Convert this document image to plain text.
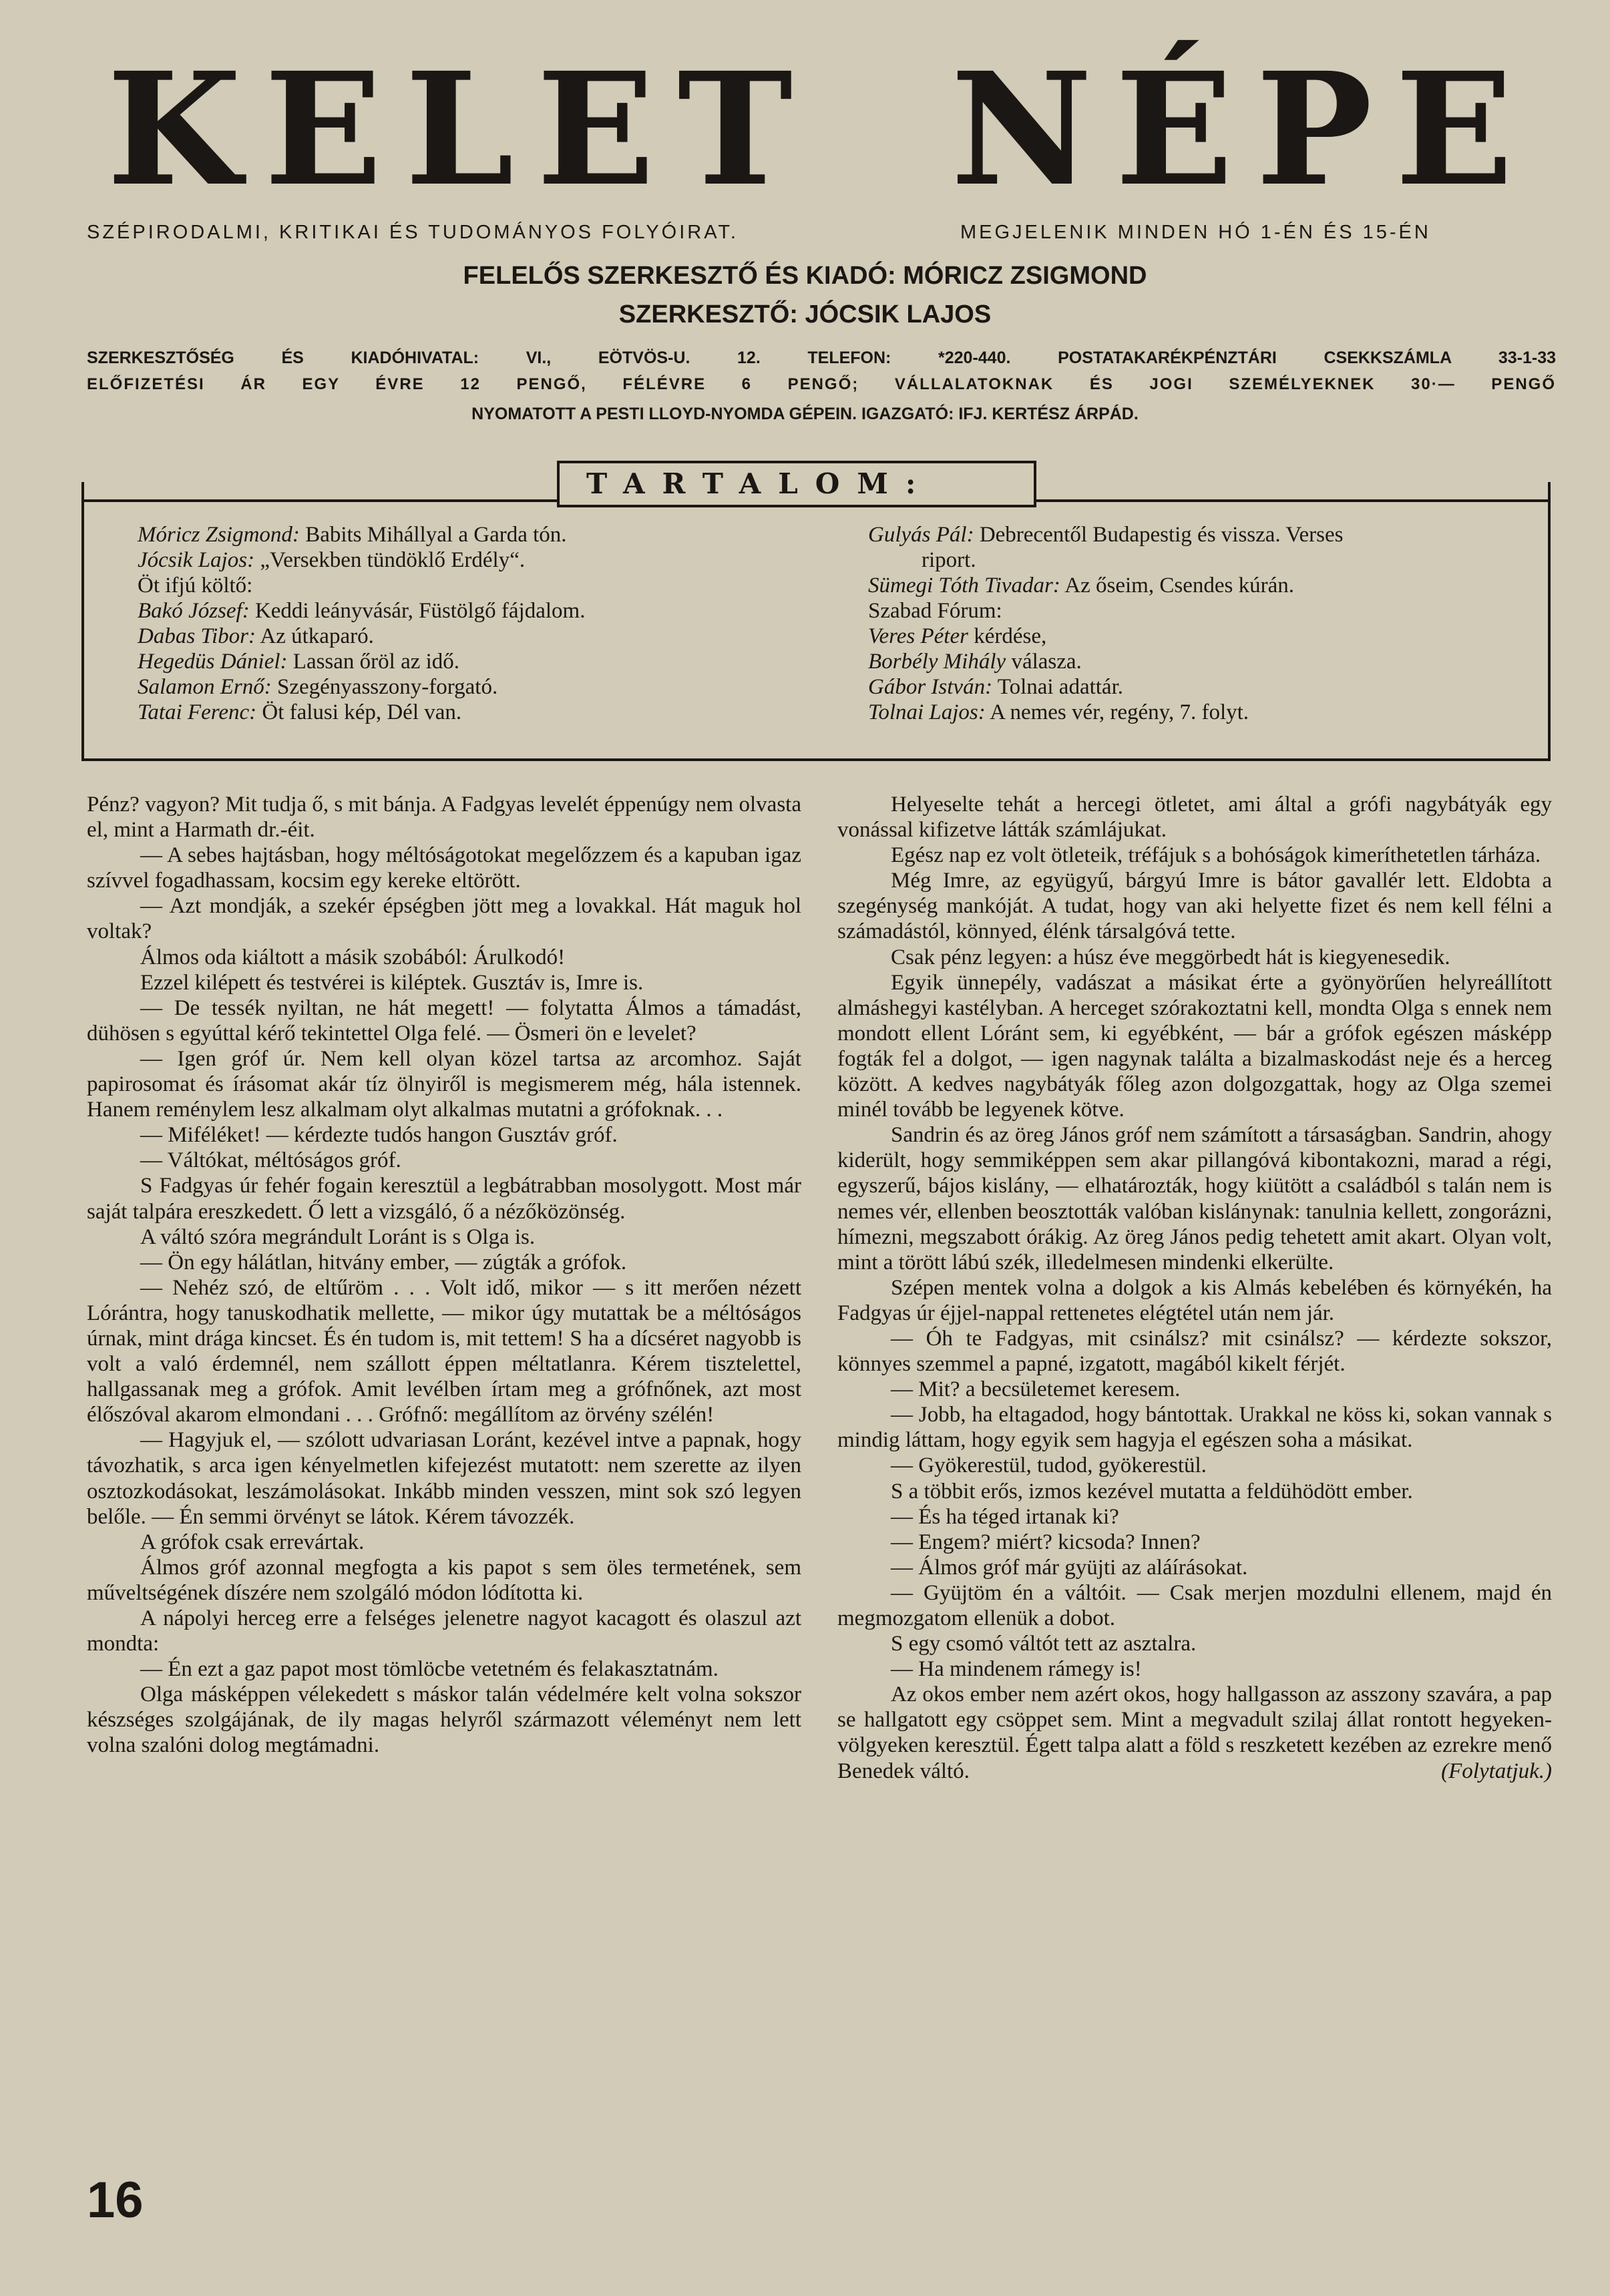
KELET NÉPE
SZÉPIRODALMI, KRITIKAI ÉS TUDOMÁNYOS FOLYÓIRAT.	MEGJELENIK MINDEN HÓ 1-ÉN ÉS 15-ÉN
FELELŐS SZERKESZTŐ ÉS KIADÓ: MÓRICZ ZSIGMOND
SZERKESZTŐ: JÓCSIK LAJOS
SZERKESZTŐSÉG ÉS KIADÓHIVATAL: VI., EÖTVÖS-U. 12. TELEFON: *220-440. POSTATAKARÉKPÉNZTÁRI CSEKKSZÁMLA 33-1-33
ELŐFIZETÉSI ÁR EGY ÉVRE 12 PENGŐ, FÉLÉVRE 6 PENGŐ; VÁLLALATOKNAK ÉS JOGI SZEMÉLYEKNEK 30·— PENGŐ
NYOMATOTT A PESTI LLOYD-NYOMDA GÉPEIN. IGAZGATÓ: IFJ. KERTÉSZ ÁRPÁD.
TARTALOM:
Móricz Zsigmond: Babits Mihállyal a Garda tón.
Jócsik Lajos: „Versekben tündöklő Erdély“.
Öt ifjú költő:
Bakó József: Keddi leányvásár, Füstölgő fájdalom.
Dabas Tibor: Az útkaparó.
Hegedüs Dániel: Lassan őröl az idő.
Salamon Ernő: Szegényasszony-forgató.
Tatai Ferenc: Öt falusi kép, Dél van.
Gulyás Pál: Debrecentől Budapestig és vissza. Verses
riport.
Sümegi Tóth Tivadar: Az őseim, Csendes kúrán.
Szabad Fórum:
Veres Péter kérdése,
Borbély Mihály válasza.
Gábor István: Tolnai adattár.
Tolnai Lajos: A nemes vér, regény, 7. folyt.

Pénz? vagyon? Mit tudja ő, s mit bánja. A Fadgyas levelét éppenúgy nem olvasta el, mint a Harmath dr.-éit.

— A sebes hajtásban, hogy méltóságotokat megelőzzem és a kapuban igaz szívvel fogadhassam, kocsim egy kereke eltörött.

— Azt mondják, a szekér épségben jött meg a lovakkal. Hát maguk hol voltak?

Álmos oda kiáltott a másik szobából: Árulkodó!

Ezzel kilépett és testvérei is kiléptek. Gusztáv is, Imre is.

— De tessék nyiltan, ne hát megett! — folytatta Álmos a támadást, dühösen s egyúttal kérő tekintettel Olga felé. — Ösmeri ön e levelet?

— Igen gróf úr. Nem kell olyan közel tartsa az arcomhoz. Saját papirosomat és írásomat akár tíz ölnyiről is megismerem még, hála istennek. Hanem reménylem lesz alkalmam olyt alkalmas mutatni a grófoknak. . .

— Miféléket! — kérdezte tudós hangon Gusztáv gróf.

— Váltókat, méltóságos gróf.

S Fadgyas úr fehér fogain keresztül a legbátrabban mosolygott. Most már saját talpára ereszkedett. Ő lett a vizsgáló, ő a nézőközönség.

A váltó szóra megrándult Loránt is s Olga is.

— Ön egy hálátlan, hitvány ember, — zúgták a grófok.

— Nehéz szó, de eltűröm . . . Volt idő, mikor — s itt merően nézett Lórántra, hogy tanuskodhatik mellette, — mikor úgy mutattak be a méltóságos úrnak, mint drága kincset. És én tudom is, mit tettem! S ha a dícséret nagyobb is volt a való érdemnél, nem szállott éppen méltatlanra. Kérem tisztelettel, hallgassanak meg a grófok. Amit levélben írtam meg a grófnőnek, azt most élőszóval akarom elmondani . . . Grófnő: megállítom az örvény szélén!

— Hagyjuk el, — szólott udvariasan Loránt, kezével intve a papnak, hogy távozhatik, s arca igen kényelmetlen kifejezést mutatott: nem szerette az ilyen osztozkodásokat, leszámolásokat. Inkább minden vesszen, mint sok szó legyen belőle. — Én semmi örvényt se látok. Kérem távozzék.

A grófok csak errevártak.

Álmos gróf azonnal megfogta a kis papot s sem öles termetének, sem műveltségének díszére nem szolgáló módon lódította ki.

A nápolyi herceg erre a felséges jelenetre nagyot kacagott és olaszul azt mondta:

— Én ezt a gaz papot most tömlöcbe vetetném és felakasztatnám.

Olga másképpen vélekedett s máskor talán védelmére kelt volna sokszor készséges szolgájának, de ily magas helyről származott véleményt nem lett volna szalóni dolog megtámadni.

Helyeselte tehát a hercegi ötletet, ami által a grófi nagybátyák egy vonással kifizetve látták számlájukat.

Egész nap ez volt ötleteik, tréfájuk s a bohóságok kimeríthetetlen tárháza.

Még Imre, az együgyű, bárgyú Imre is bátor gavallér lett. Eldobta a szegénység mankóját. A tudat, hogy van aki helyette fizet és nem kell félni a számadástól, könnyed, élénk társalgóvá tette.

Csak pénz legyen: a húsz éve meggörbedt hát is kiegyenesedik.

Egyik ünnepély, vadászat a másikat érte a gyönyörűen helyreállított almáshegyi kastélyban. A herceget szórakoztatni kell, mondta Olga s ennek nem mondott ellent Lóránt sem, ki egyébként, — bár a grófok egészen másképp fogták fel a dolgot, — igen nagynak találta a bizalmaskodást neje és a herceg között. A kedves nagybátyák főleg azon dolgozgattak, hogy az Olga szemei minél tovább be legyenek kötve.

Sandrin és az öreg János gróf nem számított a társaságban. Sandrin, ahogy kiderült, hogy semmiképpen sem akar pillangóvá kibontakozni, marad a régi, egyszerű, bájos kislány, — elhatározták, hogy kiütött a családból s talán nem is nemes vér, ellenben beosztották valóban kislánynak: tanulnia kellett, zongorázni, hímezni, megszabott órákig. Az öreg János pedig tehetett amit akart. Olyan volt, mint a törött lábú szék, illedelmesen mindenki elkerülte.

Szépen mentek volna a dolgok a kis Almás kebelében és környékén, ha Fadgyas úr éjjel-nappal rettenetes elégtétel után nem jár.

— Óh te Fadgyas, mit csinálsz? mit csinálsz? — kérdezte sokszor, könnyes szemmel a papné, izgatott, magából kikelt férjét.

— Mit? a becsületemet keresem.

— Jobb, ha eltagadod, hogy bántottak. Urakkal ne köss ki, sokan vannak s mindig láttam, hogy egyik sem hagyja el egészen soha a másikat.

— Gyökerestül, tudod, gyökerestül.

S a többit erős, izmos kezével mutatta a feldühödött ember.

— És ha téged irtanak ki?

— Engem? miért? kicsoda? Innen?

— Álmos gróf már gyüjti az aláírásokat.

— Gyüjtöm én a váltóit. — Csak merjen mozdulni ellenem, majd én megmozgatom ellenük a dobot.

S egy csomó váltót tett az asztalra.

— Ha mindenem rámegy is!

Az okos ember nem azért okos, hogy hallgasson az asszony szavára, a pap se hallgatott egy csöppet sem. Mint a megvadult szilaj állat rontott hegyeken-völgyeken keresztül. Égett talpa alatt a föld s reszketett kezében az ezrekre menő Benedek váltó.	(Folytatjuk.)

16
